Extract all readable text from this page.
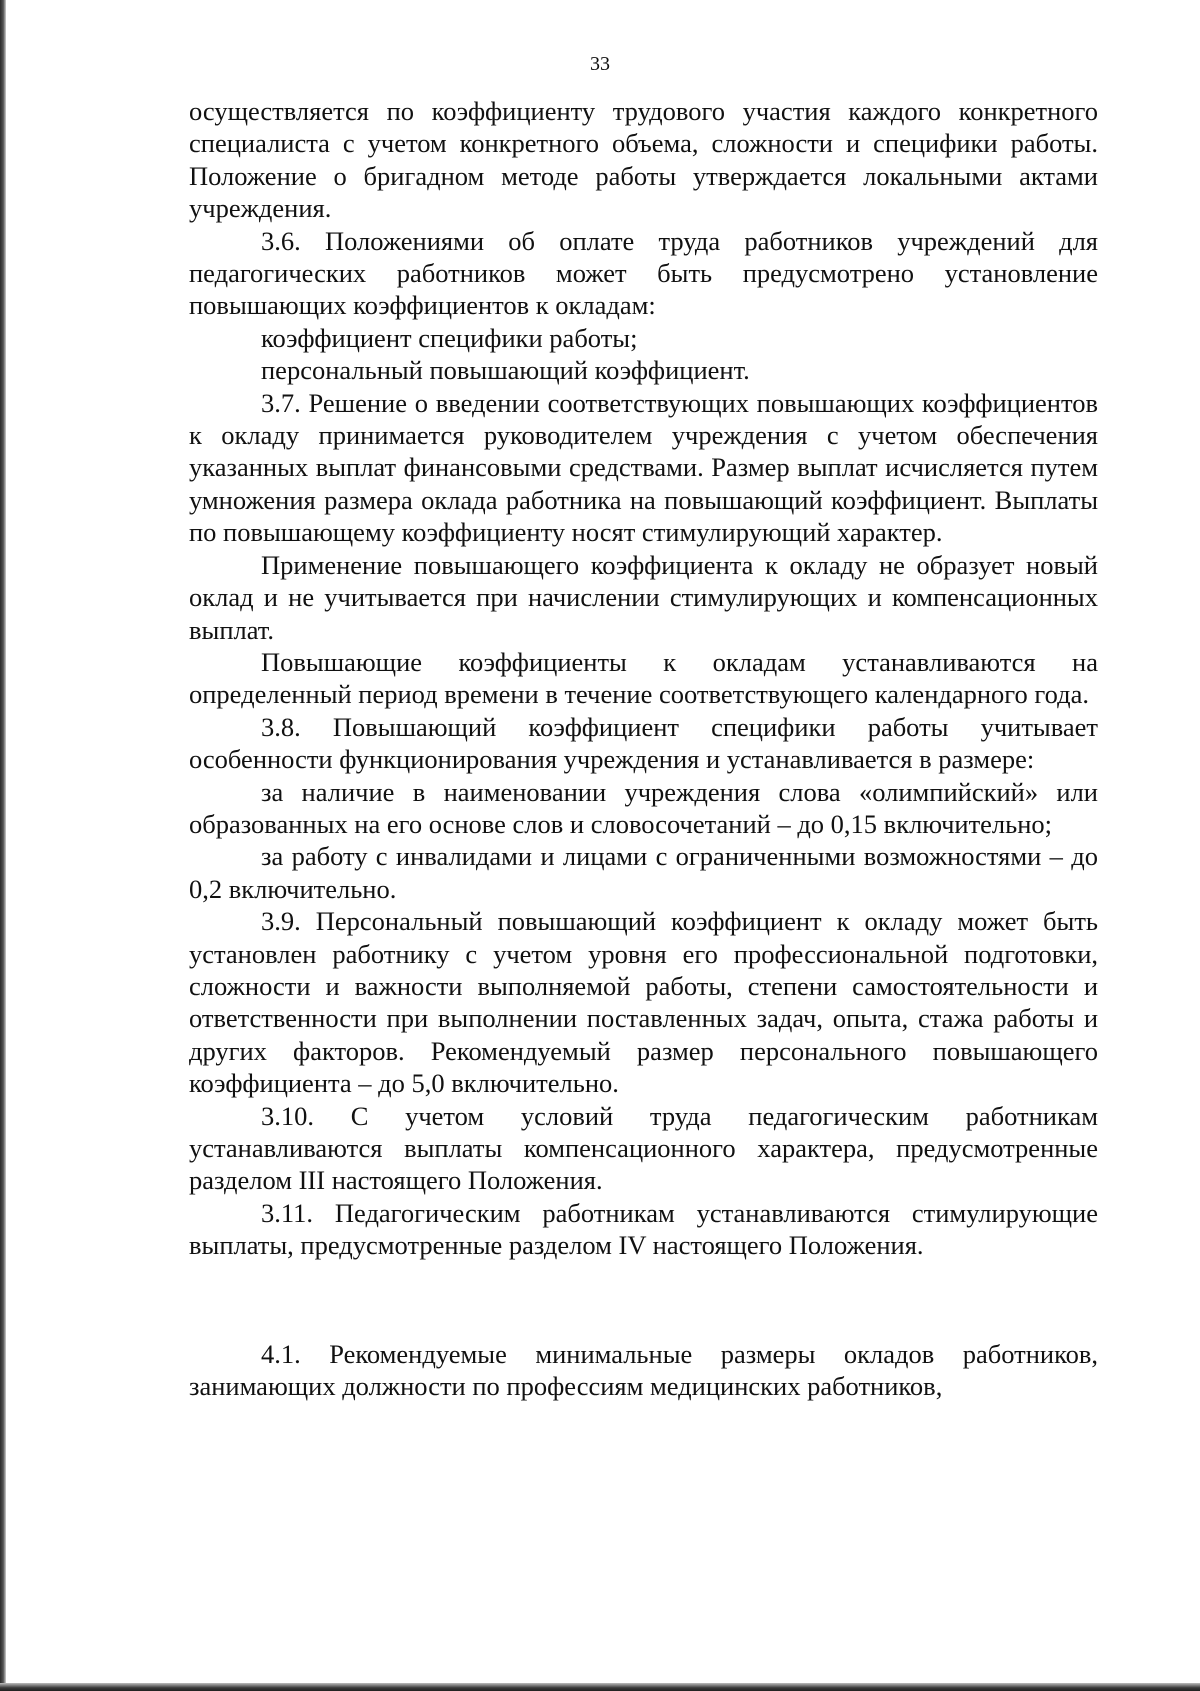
33

осуществляется по коэффициенту трудового участия каждого конкретного специалиста с учетом конкретного объема, сложности и специфики работы. Положение о бригадном методе работы утверждается локальными актами учреждения.

3.6. Положениями об оплате труда работников учреждений для педагогических работников может быть предусмотрено установление повышающих коэффициентов к окладам:

коэффициент специфики работы;

персональный повышающий коэффициент.

3.7. Решение о введении соответствующих повышающих коэффициентов к окладу принимается руководителем учреждения с учетом обеспечения указанных выплат финансовыми средствами. Размер выплат исчисляется путем умножения размера оклада работника на повышающий коэффициент. Выплаты по повышающему коэффициенту носят стимулирующий характер.

Применение повышающего коэффициента к окладу не образует новый оклад и не учитывается при начислении стимулирующих и компенсационных выплат.

Повышающие коэффициенты к окладам устанавливаются на определенный период времени в течение соответствующего календарного года.

3.8. Повышающий коэффициент специфики работы учитывает особенности функционирования учреждения и устанавливается в размере:

за наличие в наименовании учреждения слова «олимпийский» или образованных на его основе слов и словосочетаний – до 0,15 включительно;

за работу с инвалидами и лицами с ограниченными возможностями – до 0,2 включительно.

3.9. Персональный повышающий коэффициент к окладу может быть установлен работнику с учетом уровня его профессиональной подготовки, сложности и важности выполняемой работы, степени самостоятельности и ответственности при выполнении поставленных задач, опыта, стажа работы и других факторов. Рекомендуемый размер персонального повышающего коэффициента – до 5,0 включительно.

3.10. С учетом условий труда педагогическим работникам устанавливаются выплаты компенсационного характера, предусмотренные разделом III настоящего Положения.

3.11. Педагогическим работникам устанавливаются стимулирующие выплаты, предусмотренные разделом IV настоящего Положения.

4.1. Рекомендуемые минимальные размеры окладов работников, занимающих должности по профессиям медицинских работников,
